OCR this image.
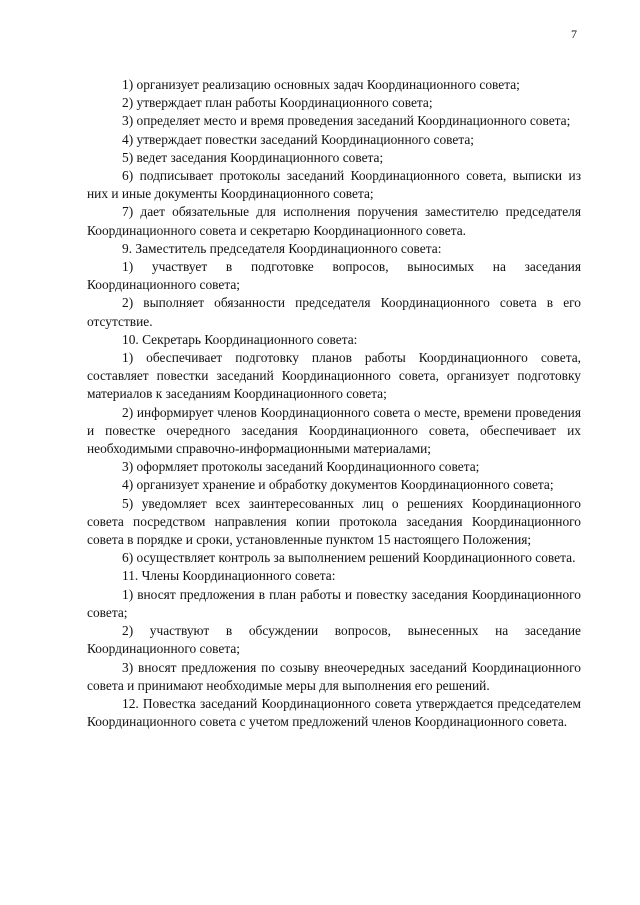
7

1) организует реализацию основных задач Координационного совета;

2) утверждает план работы Координационного совета;

3) определяет место и время проведения заседаний Координационного совета;

4) утверждает повестки заседаний Координационного совета;

5) ведет заседания Координационного совета;

6) подписывает протоколы заседаний Координационного совета, выписки из них и иные документы Координационного совета;

7) дает обязательные для исполнения поручения заместителю председателя Координационного совета и секретарю Координационного совета.

9. Заместитель председателя Координационного совета:

1) участвует в подготовке вопросов, выносимых на заседания Координационного совета;

2) выполняет обязанности председателя Координационного совета в его отсутствие.

10. Секретарь Координационного совета:

1) обеспечивает подготовку планов работы Координационного совета, составляет повестки заседаний Координационного совета, организует подготовку материалов к заседаниям Координационного совета;

2) информирует членов Координационного совета о месте, времени проведения и повестке очередного заседания Координационного совета, обеспечивает их необходимыми справочно-информационными материалами;

3) оформляет протоколы заседаний Координационного совета;

4) организует хранение и обработку документов Координационного совета;

5) уведомляет всех заинтересованных лиц о решениях Координационного совета посредством направления копии протокола заседания Координационного совета в порядке и сроки, установленные пунктом 15 настоящего Положения;

6) осуществляет контроль за выполнением решений Координационного совета.

11. Члены Координационного совета:

1) вносят предложения в план работы и повестку заседания Координационного совета;

2) участвуют в обсуждении вопросов, вынесенных на заседание Координационного совета;

3) вносят предложения по созыву внеочередных заседаний Координационного совета и принимают необходимые меры для выполнения его решений.

12. Повестка заседаний Координационного совета утверждается председателем Координационного совета с учетом предложений членов Координационного совета.
